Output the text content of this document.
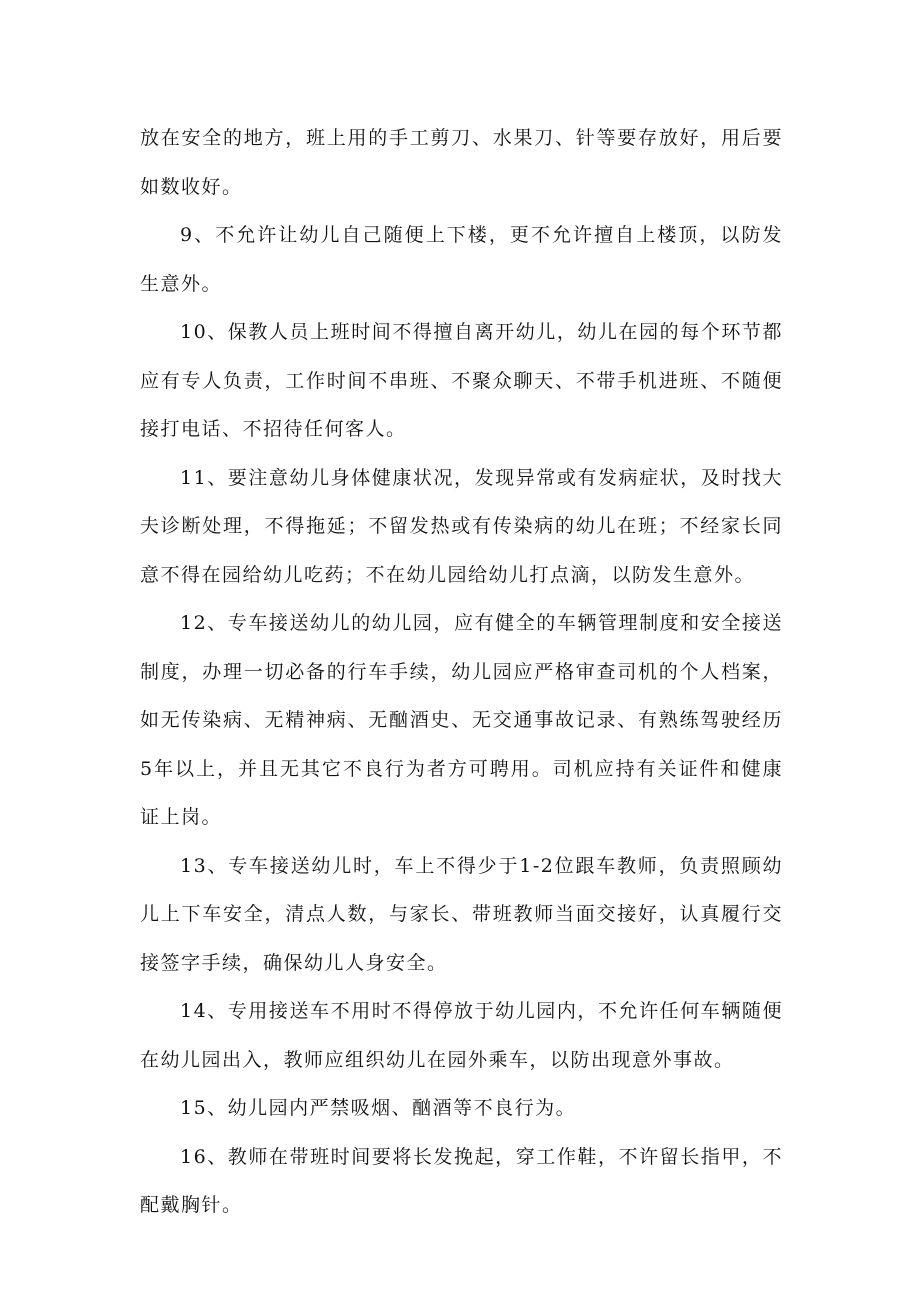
放在安全的地方，班上用的手工剪刀、水果刀、针等要存放好，用后要如数收好。

9、不允许让幼儿自己随便上下楼，更不允许擅自上楼顶，以防发生意外。

10、保教人员上班时间不得擅自离开幼儿，幼儿在园的每个环节都应有专人负责，工作时间不串班、不聚众聊天、不带手机进班、不随便接打电话、不招待任何客人。

11、要注意幼儿身体健康状况，发现异常或有发病症状，及时找大夫诊断处理，不得拖延；不留发热或有传染病的幼儿在班；不经家长同意不得在园给幼儿吃药；不在幼儿园给幼儿打点滴，以防发生意外。

12、专车接送幼儿的幼儿园，应有健全的车辆管理制度和安全接送制度，办理一切必备的行车手续，幼儿园应严格审查司机的个人档案，如无传染病、无精神病、无酗酒史、无交通事故记录、有熟练驾驶经历5年以上，并且无其它不良行为者方可聘用。司机应持有关证件和健康证上岗。

13、专车接送幼儿时，车上不得少于1-2位跟车教师，负责照顾幼儿上下车安全，清点人数，与家长、带班教师当面交接好，认真履行交接签字手续，确保幼儿人身安全。

14、专用接送车不用时不得停放于幼儿园内，不允许任何车辆随便在幼儿园出入，教师应组织幼儿在园外乘车，以防出现意外事故。

15、幼儿园内严禁吸烟、酗酒等不良行为。

16、教师在带班时间要将长发挽起，穿工作鞋，不许留长指甲，不配戴胸针。
